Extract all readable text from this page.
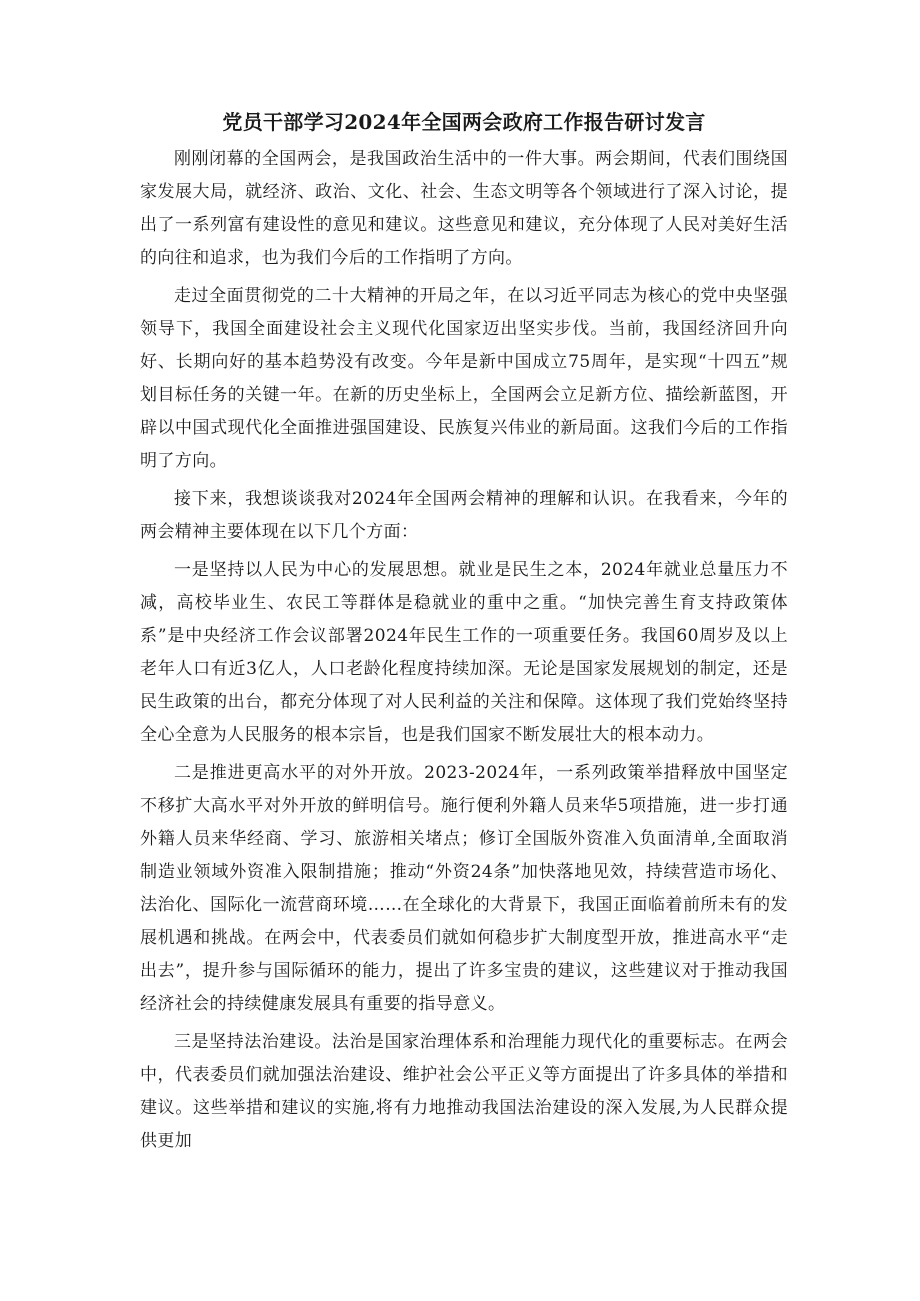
党员干部学习2024年全国两会政府工作报告研讨发言

刚刚闭幕的全国两会，是我国政治生活中的一件大事。两会期间，代表们围绕国家发展大局，就经济、政治、文化、社会、生态文明等各个领域进行了深入讨论，提出了一系列富有建设性的意见和建议。这些意见和建议，充分体现了人民对美好生活的向往和追求，也为我们今后的工作指明了方向。

走过全面贯彻党的二十大精神的开局之年，在以习近平同志为核心的党中央坚强领导下，我国全面建设社会主义现代化国家迈出坚实步伐。当前，我国经济回升向好、长期向好的基本趋势没有改变。今年是新中国成立75周年，是实现“十四五”规划目标任务的关键一年。在新的历史坐标上，全国两会立足新方位、描绘新蓝图，开辟以中国式现代化全面推进强国建设、民族复兴伟业的新局面。这我们今后的工作指明了方向。

接下来，我想谈谈我对2024年全国两会精神的理解和认识。在我看来，今年的两会精神主要体现在以下几个方面：

一是坚持以人民为中心的发展思想。就业是民生之本，2024年就业总量压力不减，高校毕业生、农民工等群体是稳就业的重中之重。“加快完善生育支持政策体系”是中央经济工作会议部署2024年民生工作的一项重要任务。我国60周岁及以上老年人口有近3亿人，人口老龄化程度持续加深。无论是国家发展规划的制定，还是民生政策的出台，都充分体现了对人民利益的关注和保障。这体现了我们党始终坚持全心全意为人民服务的根本宗旨，也是我们国家不断发展壮大的根本动力。

二是推进更高水平的对外开放。2023-2024年，一系列政策举措释放中国坚定不移扩大高水平对外开放的鲜明信号。施行便利外籍人员来华5项措施，进一步打通外籍人员来华经商、学习、旅游相关堵点；修订全国版外资准入负面清单,全面取消制造业领域外资准入限制措施；推动“外资24条”加快落地见效，持续营造市场化、法治化、国际化一流营商环境……在全球化的大背景下，我国正面临着前所未有的发展机遇和挑战。在两会中，代表委员们就如何稳步扩大制度型开放，推进高水平“走出去”，提升参与国际循环的能力，提出了许多宝贵的建议，这些建议对于推动我国经济社会的持续健康发展具有重要的指导意义。

三是坚持法治建设。法治是国家治理体系和治理能力现代化的重要标志。在两会中，代表委员们就加强法治建设、维护社会公平正义等方面提出了许多具体的举措和建议。这些举措和建议的实施,将有力地推动我国法治建设的深入发展,为人民群众提供更加
